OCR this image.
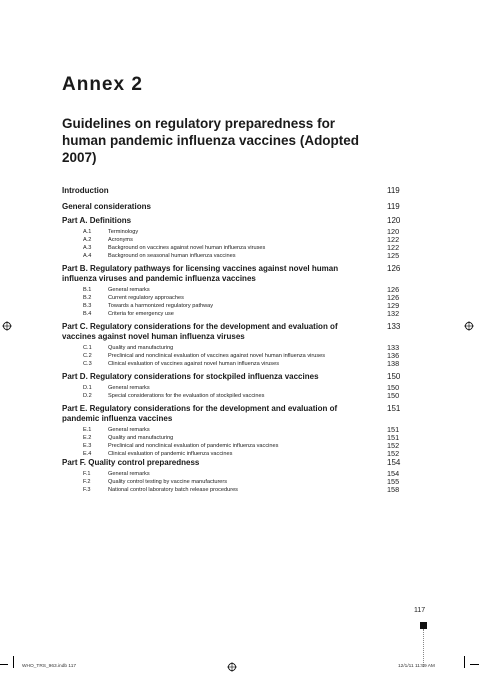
Annex 2
Guidelines on regulatory preparedness for human pandemic influenza vaccines (Adopted 2007)
Introduction	119
General considerations	119
Part A. Definitions	120
A.1	Terminology	120
A.2	Acronyms	122
A.3	Background on vaccines against novel human influenza viruses	122
A.4	Background on seasonal human influenza vaccines	125
Part B. Regulatory pathways for licensing vaccines against novel human influenza viruses and pandemic influenza vaccines
126
B.1	General remarks	126
B.2	Current regulatory approaches	126
B.3	Towards a harmonized regulatory pathway	129
B.4	Criteria for emergency use	132
Part C. Regulatory considerations for the development and evaluation of vaccines against novel human influenza viruses
133
C.1	Quality and manufacturing	133
C.2	Preclinical and nonclinical evaluation of vaccines against novel human influenza viruses	136
C.3	Clinical evaluation of vaccines against novel human influenza viruses	138
Part D. Regulatory considerations for stockpiled influenza vaccines	150
D.1	General remarks	150
D.2	Special considerations for the evaluation of stockpiled vaccines	150
Part E. Regulatory considerations for the development and evaluation of pandemic influenza vaccines
151
E.1	General remarks	151
E.2	Quality and manufacturing	151
E.3	Preclinical and nonclinical evaluation of pandemic influenza vaccines	152
E.4	Clinical evaluation of pandemic influenza vaccines	152
Part F. Quality control preparedness	154
F.1	General remarks	154
F.2	Quality control testing by vaccine manufacturers	155
F.3	National control laboratory batch release procedures	158
117
WHO_TRS_963.indb 117	12/1/11 11:59 AM
